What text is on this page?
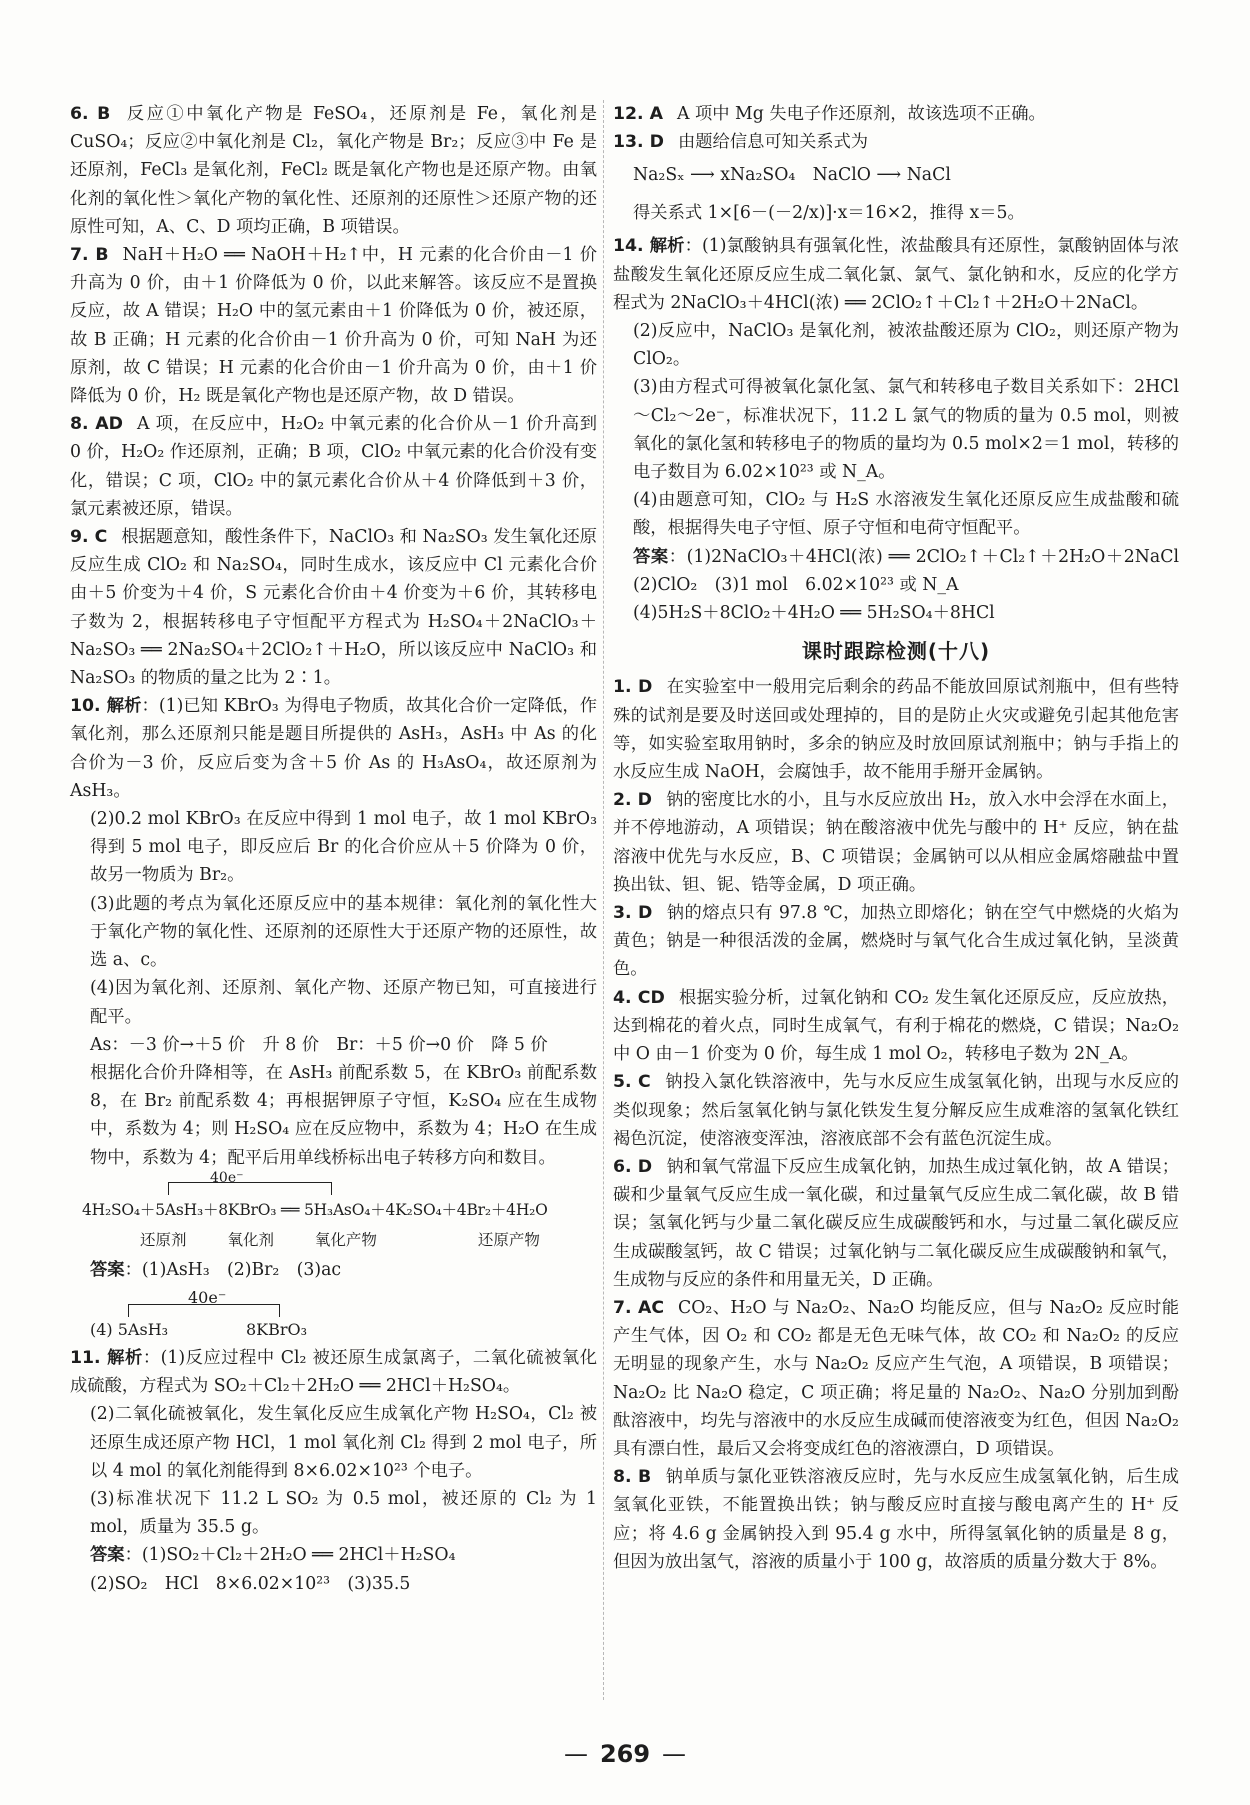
6. B 反应①中氧化产物是 FeSO₄，还原剂是 Fe，氧化剂是 CuSO₄；反应②中氧化剂是 Cl₂，氧化产物是 Br₂；反应③中 Fe 是还原剂，FeCl₃ 是氧化剂，FeCl₂ 既是氧化产物也是还原产物。由氧化剂的氧化性＞氧化产物的氧化性、还原剂的还原性＞还原产物的还原性可知，A、C、D 项均正确，B 项错误。

7. B NaH＋H₂O ══ NaOH＋H₂↑中，H 元素的化合价由－1 价升高为 0 价，由＋1 价降低为 0 价，以此来解答。该反应不是置换反应，故 A 错误；H₂O 中的氢元素由＋1 价降低为 0 价，被还原，故 B 正确；H 元素的化合价由－1 价升高为 0 价，可知 NaH 为还原剂，故 C 错误；H 元素的化合价由－1 价升高为 0 价，由＋1 价降低为 0 价，H₂ 既是氧化产物也是还原产物，故 D 错误。

8. AD A 项，在反应中，H₂O₂ 中氧元素的化合价从－1 价升高到 0 价，H₂O₂ 作还原剂，正确；B 项，ClO₂ 中氧元素的化合价没有变化，错误；C 项，ClO₂ 中的氯元素化合价从＋4 价降低到＋3 价，氯元素被还原，错误。

9. C 根据题意知，酸性条件下，NaClO₃ 和 Na₂SO₃ 发生氧化还原反应生成 ClO₂ 和 Na₂SO₄，同时生成水，该反应中 Cl 元素化合价由＋5 价变为＋4 价，S 元素化合价由＋4 价变为＋6 价，其转移电子数为 2，根据转移电子守恒配平方程式为 H₂SO₄＋2NaClO₃＋Na₂SO₃ ══ 2Na₂SO₄＋2ClO₂↑＋H₂O，所以该反应中 NaClO₃ 和 Na₂SO₃ 的物质的量之比为 2∶1。

10. 解析：(1)已知 KBrO₃ 为得电子物质，故其化合价一定降低，作氧化剂，那么还原剂只能是题目所提供的 AsH₃，AsH₃ 中 As 的化合价为－3 价，反应后变为含＋5 价 As 的 H₃AsO₄，故还原剂为 AsH₃。

(2)0.2 mol KBrO₃ 在反应中得到 1 mol 电子，故 1 mol KBrO₃ 得到 5 mol 电子，即反应后 Br 的化合价应从＋5 价降为 0 价，故另一物质为 Br₂。

(3)此题的考点为氧化还原反应中的基本规律：氧化剂的氧化性大于氧化产物的氧化性、还原剂的还原性大于还原产物的还原性，故选 a、c。

(4)因为氧化剂、还原剂、氧化产物、还原产物已知，可直接进行配平。

As：－3 价→＋5 价　升 8 价　Br：＋5 价→0 价　降 5 价

根据化合价升降相等，在 AsH₃ 前配系数 5，在 KBrO₃ 前配系数 8，在 Br₂ 前配系数 4；再根据钾原子守恒，K₂SO₄ 应在生成物中，系数为 4；则 H₂SO₄ 应在反应物中，系数为 4；H₂O 在生成物中，系数为 4；配平后用单线桥标出电子转移方向和数目。

40e⁻
4H₂SO₄＋5AsH₃＋8KBrO₃ ══ 5H₃AsO₄＋4K₂SO₄＋4Br₂＋4H₂O
还原剂	氧化剂	氧化产物	还原产物

答案：(1)AsH₃　(2)Br₂　(3)ac

40e⁻
(4) 5AsH₃	8KBrO₃

11. 解析：(1)反应过程中 Cl₂ 被还原生成氯离子，二氧化硫被氧化成硫酸，方程式为 SO₂＋Cl₂＋2H₂O ══ 2HCl＋H₂SO₄。

(2)二氧化硫被氧化，发生氧化反应生成氧化产物 H₂SO₄，Cl₂ 被还原生成还原产物 HCl，1 mol 氧化剂 Cl₂ 得到 2 mol 电子，所以 4 mol 的氧化剂能得到 8×6.02×10²³ 个电子。

(3)标准状况下 11.2 L SO₂ 为 0.5 mol，被还原的 Cl₂ 为 1 mol，质量为 35.5 g。

答案：(1)SO₂＋Cl₂＋2H₂O ══ 2HCl＋H₂SO₄

(2)SO₂　HCl　8×6.02×10²³　(3)35.5

12. A A 项中 Mg 失电子作还原剂，故该选项不正确。

13. D 由题给信息可知关系式为

Na₂Sₓ ⟶ xNa₂SO₄　NaClO ⟶ NaCl

得关系式 1×[6－(－2/x)]·x＝16×2，推得 x＝5。

14. 解析：(1)氯酸钠具有强氧化性，浓盐酸具有还原性，氯酸钠固体与浓盐酸发生氧化还原反应生成二氧化氯、氯气、氯化钠和水，反应的化学方程式为 2NaClO₃＋4HCl(浓) ══ 2ClO₂↑＋Cl₂↑＋2H₂O＋2NaCl。

(2)反应中，NaClO₃ 是氧化剂，被浓盐酸还原为 ClO₂，则还原产物为 ClO₂。

(3)由方程式可得被氧化氯化氢、氯气和转移电子数目关系如下：2HCl～Cl₂～2e⁻，标准状况下，11.2 L 氯气的物质的量为 0.5 mol，则被氧化的氯化氢和转移电子的物质的量均为 0.5 mol×2＝1 mol，转移的电子数目为 6.02×10²³ 或 N_A。

(4)由题意可知，ClO₂ 与 H₂S 水溶液发生氧化还原反应生成盐酸和硫酸，根据得失电子守恒、原子守恒和电荷守恒配平。

答案：(1)2NaClO₃＋4HCl(浓) ══ 2ClO₂↑＋Cl₂↑＋2H₂O＋2NaCl　(2)ClO₂　(3)1 mol　6.02×10²³ 或 N_A

(4)5H₂S＋8ClO₂＋4H₂O ══ 5H₂SO₄＋8HCl

课时跟踪检测(十八)

1. D 在实验室中一般用完后剩余的药品不能放回原试剂瓶中，但有些特殊的试剂是要及时送回或处理掉的，目的是防止火灾或避免引起其他危害等，如实验室取用钠时，多余的钠应及时放回原试剂瓶中；钠与手指上的水反应生成 NaOH，会腐蚀手，故不能用手掰开金属钠。

2. D 钠的密度比水的小，且与水反应放出 H₂，放入水中会浮在水面上，并不停地游动，A 项错误；钠在酸溶液中优先与酸中的 H⁺ 反应，钠在盐溶液中优先与水反应，B、C 项错误；金属钠可以从相应金属熔融盐中置换出钛、钽、铌、锆等金属，D 项正确。

3. D 钠的熔点只有 97.8 ℃，加热立即熔化；钠在空气中燃烧的火焰为黄色；钠是一种很活泼的金属，燃烧时与氧气化合生成过氧化钠，呈淡黄色。

4. CD 根据实验分析，过氧化钠和 CO₂ 发生氧化还原反应，反应放热，达到棉花的着火点，同时生成氧气，有利于棉花的燃烧，C 错误；Na₂O₂ 中 O 由－1 价变为 0 价，每生成 1 mol O₂，转移电子数为 2N_A。

5. C 钠投入氯化铁溶液中，先与水反应生成氢氧化钠，出现与水反应的类似现象；然后氢氧化钠与氯化铁发生复分解反应生成难溶的氢氧化铁红褐色沉淀，使溶液变浑浊，溶液底部不会有蓝色沉淀生成。

6. D 钠和氧气常温下反应生成氧化钠，加热生成过氧化钠，故 A 错误；碳和少量氧气反应生成一氧化碳，和过量氧气反应生成二氧化碳，故 B 错误；氢氧化钙与少量二氧化碳反应生成碳酸钙和水，与过量二氧化碳反应生成碳酸氢钙，故 C 错误；过氧化钠与二氧化碳反应生成碳酸钠和氧气，生成物与反应的条件和用量无关，D 正确。

7. AC CO₂、H₂O 与 Na₂O₂、Na₂O 均能反应，但与 Na₂O₂ 反应时能产生气体，因 O₂ 和 CO₂ 都是无色无味气体，故 CO₂ 和 Na₂O₂ 的反应无明显的现象产生，水与 Na₂O₂ 反应产生气泡，A 项错误，B 项错误；Na₂O₂ 比 Na₂O 稳定，C 项正确；将足量的 Na₂O₂、Na₂O 分别加到酚酞溶液中，均先与溶液中的水反应生成碱而使溶液变为红色，但因 Na₂O₂ 具有漂白性，最后又会将变成红色的溶液漂白，D 项错误。

8. B 钠单质与氯化亚铁溶液反应时，先与水反应生成氢氧化钠，后生成氢氧化亚铁，不能置换出铁；钠与酸反应时直接与酸电离产生的 H⁺ 反应；将 4.6 g 金属钠投入到 95.4 g 水中，所得氢氧化钠的质量是 8 g，但因为放出氢气，溶液的质量小于 100 g，故溶质的质量分数大于 8%。

— 269 —
